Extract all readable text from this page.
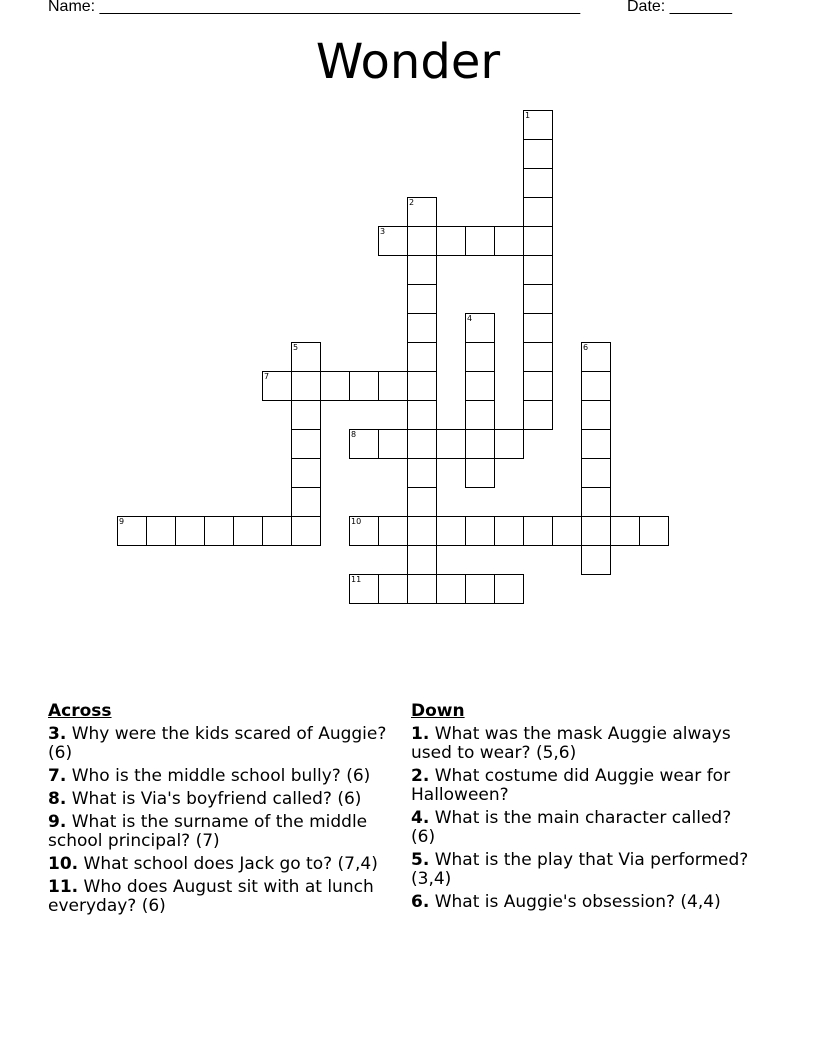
Name: ______________________________________________________	Date: _______
Wonder
1
2
3
4
5	6
7
8
9	10
11
Across
3. Why were the kids scared of Auggie? (6)
7. Who is the middle school bully? (6)
8. What is Via's boyfriend called? (6)
9. What is the surname of the middle school principal? (7)
10. What school does Jack go to? (7,4)
11. Who does August sit with at lunch everyday? (6)
Down
1. What was the mask Auggie always used to wear? (5,6)
2. What costume did Auggie wear for Halloween?
4. What is the main character called? (6)
5. What is the play that Via performed? (3,4)
6. What is Auggie's obsession? (4,4)
